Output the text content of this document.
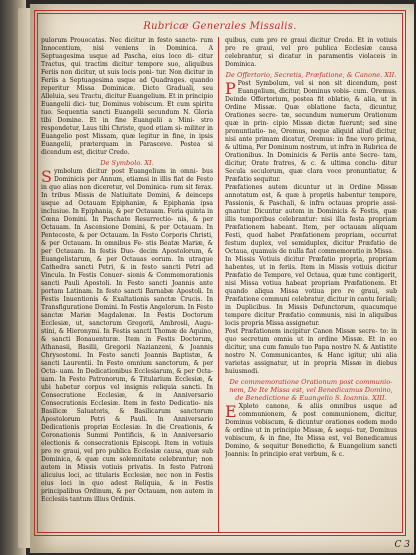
Rubricæ Generales Missalis.

pulorum Prouocatas. Nec dicitur in festo sancto- rum Innocentium, nisi veniens in Dominica. A Septuagesima usque ad Pascha, eius loco di- citur Tractus, qui tractim dicitur tempore suo, aliquibus Feriis non dicitur, ut suis locis poni- tur. Non dicitur in Feriis a Septuagesima usque ad Quadrages. quando reperitur Missa Dominicæ. Dicto Graduali, seu Alleluia, seu Tractu, dicitur Euangelium. Et in principio Euangelii dici- tur, Dominus vobiscum. Et cum spiritu tuo. Sequentia sancti Euangelii secundum N. Gloria tibi Domine. Et in fine Euangelii a Mini- stro respondetur, Laus tibi Christe, quod etiam si- militer in Euangelio post Missam, quæ legitur in fine, in ipsis Euangelii, præterquam in Parasceve. Postea si dicendum est, dicitur Credo.

De Symbolo. XI.

Symbolum dicitur post Euangelium in omni- bus Dominicis per Annum, etiamsi in illis fiat de Festo in quo alias non diceretur, vel Dominica- rum sit ferax. In tribus Missis de Natiuitate Domini, & deinceps usque ad Octauam Epiphaniæ, & Epiphania ipsa inclusiue. In Epiphania, & per Octauam. Feria quinta in Cœna Domini. In Paschate Resurrectio- nis, & per Octauam. In Ascensione Domini, & per Octauam. In Pentecoste, & per Octauam. In Festo Corporis Christi, & per Octauam. In omnibus Fe- stis Beatæ Mariæ, & per Octauam. In festis Duo- decim Apostolorum, & Euangelistarum, & per Octauas eorum. In utraque Cathedra sancti Petri, & in festo sancti Petri ad Vincula. In Festis Conuer- sionis & Commemorationis sancti Pauli Apostoli. In Festo sancti Joannis ante portam Latinam. In festo sancti Barnabæ Apostoli. In Festis Inuentionis & Exaltationis sanctæ Crucis. In Transfiguratione Domini. In Festis Angelorum. In Festo sanctæ Mariæ Magdalenæ. In Festis Doctorum Ecclesiæ, ut, sanctorum Gregorii, Ambrosii, Augu- stini, & Hieronymi. In Festis sancti Thomæ de Aquino, & sancti Bonauenturæ. Item in Festis Doctorum, Athanasii, Basilii, Gregorii Nazianzeni, & Joannis Chrysostomi. In Festo sancti Joannis Baptistæ, & sancti Laurentii. In Festo omnium sanctorum, & per Octa- uam. In Dedicationibus Ecclesiarum, & per Octa- uam. In Festo Patronorum, & Titularium Ecclesiæ, & ubi habetur corpus vel insignis reliquia sancti. In Consecratione Ecclesiæ, & in Anniversario Consecrationis Ecclesiæ. Item in festo Dedicatio- nis Basilicæ Saluatoris, & Basilicarum sanctorum Apostolorum Petri & Pauli. In Anniversario Dedicationis propriæ Ecclesiæ. In die Creationis, & Coronationis Summi Pontificis, & in Anniversario electionis & consecrationis Episcopi. Item in votiuis pro re graui, vel pro publica Ecclesiæ causa, quæ sub Dominica, & quæ cum solemnitate celebrantur; non autem in Missis votiuis privatis. In festo Patroni alicuius loci, ac titularis Ecclesiæ, nec non in Festis eius loci in quo adest Reliquia, & in Festis principalibus Ordinum, & per Octauam, non autem in Ecclesiis tantum illius Ordinis.

quibus, cum pro re graui dicitur Credo. Et in votiuis pro re graui, vel pro publica Ecclesiæ causa celebrantur, si dicatur in paramentis violaceis in Dominica.

De Offertorio, Secretis, Præfatione, & Canone. XII.

P Post Symbolum, vel si non sit dicendum, post Euangelium, dicitur, Dominus vobis- cum. Oremus. Deinde Offertorium, postea fit oblatio, & alia, ut in Ordine Missæ. Quæ oblatione facta, dicuntur, Orationes secre- tæ, secundum numerum Orationum quæ in prin- cipio Missæ dictæ fuerunt; sed sine pronuntiatio- ne, Oremus, neque aliquid aliud dicitur, nisi ante primam dicatur, Oremus: in fine vero prima, & ultima, Per Dominum nostrum, ut infra in Rubrica de Orationibus. In Dominicis & Feriis ante Secre- tam, dicitur, Orate fratres, & c. & ultima conclu- ditur Secula seculorum, quæ clara voce pronuntiatur, & Præfatio sequitur.

Præfationes autem dicuntur ut in Ordine Missæ annotatum est, & quæ à propriis habentur tempore, Passionis, & Paschali, & infra octauas proprie assi- gnantur. Dicuntur autem in Dominicis & Festis, quæ illis temporibus celebrantur: nisi illa festa propriam Præfationem habeant. Item, per octauam aliquam Festi, quod habet Præfationem propriam, occurrat festum duplex, vel semiduplex, dicitur Præfatio de Octaua, quamuis de nulla fiat commemoratio in Missa.

In Missis Votiuis dicitur Præfatio propria, propriam habentes, ut in feriis. Item in Missis votiuis dicitur Præfatio de Tempore, vel Octaua, quæ tunc contigerit, nisi Missa votiua habeat propriam Præfationem. Et quando aliqua Missa votiua pro re graui, sub Præfatione communi celebratur, dicitur in cantu feriali; in Duplicibus. In Missis Defunctorum, quacumque tempore dicitur Præfatio communis, nisi in aliquibus locis propria Missa assignetur.

Post Præfationem incipitur Canon Missæ secre- to: in quo secretum omnia ut in ordine Missæ. Et in eo dicitur, una cum famulo tuo Papa nostro N. & Antistite nostro N. Communicantes, & Hanc igitur, ubi alia varietas assignatur, ut in propria Missæ in diebus huiusmodi.

De commemoratione Orationum post communio- nem, De Ite Missa est, vel Benedicamus Domino, de Benedictione & Euangelio S. Ioannis. XIII.

E Xpleto canone, & aliis omnibus usque ad communionem, & post communionem, dicitur, Dominus vobiscum, & dicuntur orationes eodem modo & ordine ut in principio Missæ, & sequi- tur, Dominus vobiscum, & in fine, Ite Missa est, vel Benedicamus Domino, & sequitur Benedictio, & Euangelium sancti Joannis: In principio erat verbum, & c.

C 3
